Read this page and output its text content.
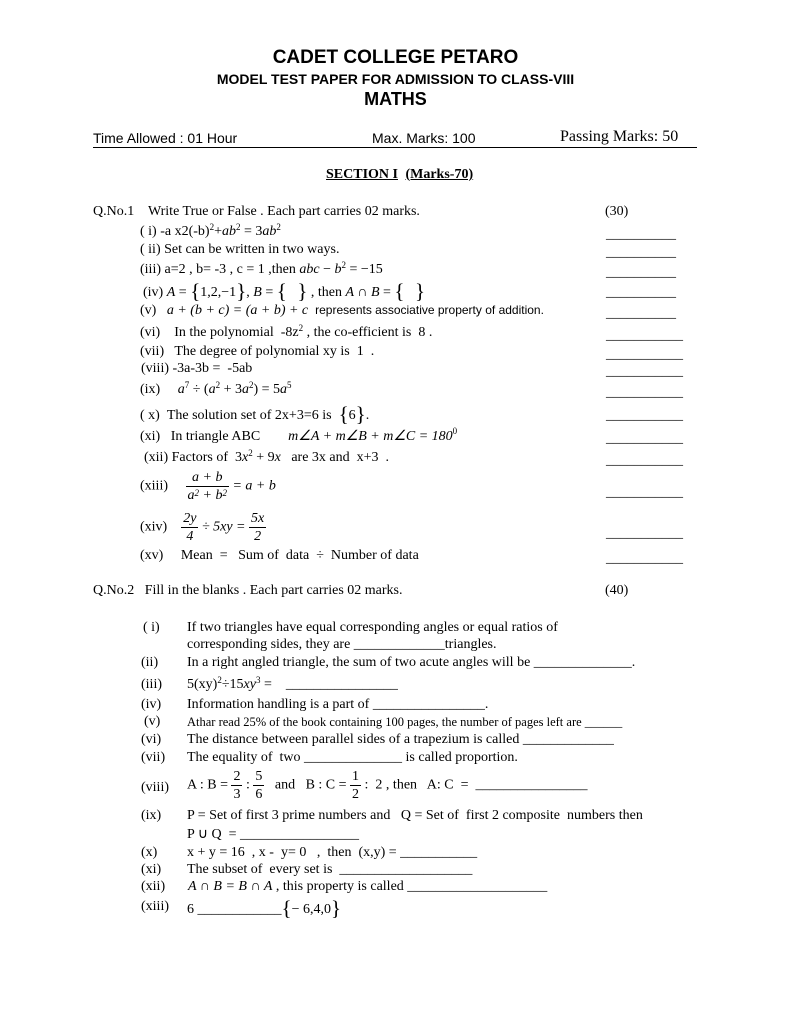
CADET COLLEGE PETARO
MODEL TEST PAPER FOR ADMISSION TO CLASS-VIII
MATHS
Time Allowed : 01 Hour	Max. Marks: 100	Passing Marks: 50
SECTION I (Marks-70)
Q.No.1    Write True or False . Each part carries 02 marks.	(30)
( i) -a $x2(-b)^2+ab^2 = 3ab^2$	__________
( ii) Set can be written in two ways.	__________
(iii) a=2 , b= -3 , c = 1 ,then abc − $b^2 = -15$	__________
(iv) A = {1,2,−1}, B = {  } , then A ∩ B = {  }	__________
(v) a + (b + c) = (a + b) + c represents associative property of addition.	__________
(vi) In the polynomial  $-8z^2$ , the co-efficient is  8 .	___________
(vii)   The degree of polynomial xy is  1  .	___________
(viii) -3a-3b =  -5ab	___________
(ix) $a^7 \div (a^2 + 3a^2) = 5a^5$	___________
( x) The solution set of 2x+3=6 is {6}.	___________
(xi) In triangle ABC m∠A + m∠B + m∠C = $180^0$	___________
(xii) Factors of  $3x^2 + 9x$   are 3x and  x+3  .	___________
(xiii) $\frac{a + b}{a^2 + b^2} = a + b$	___________
$(xiv) \frac{2y}{4} \div 5xy = \frac{5x}{2}$	___________
(xv)     Mean  =   Sum of  data  ÷  Number of data	___________
Q.No.2   Fill in the blanks . Each part carries 02 marks.	(40)
( i) If two triangles have equal corresponding angles or equal ratios of
corresponding sides, they are _____________triangles.
(ii) In a right angled triangle, the sum of two acute angles will be ______________.
(iii) $5(xy)^2\div 15xy^3$ =    ________________
(iv) Information handling is a part of ________________.
(v) Athar read 25% of the book containing 100 pages, the number of pages left are ______
(vi) The distance between parallel sides of a trapezium is called _____________
(vii) The equality of  two ______________ is called proportion.
(viii) A : $B = \frac{2}{3}$ : $\frac{5}{6}$ and   B : $C = \frac{1}{2}$ :  2 , then   A: C  =  ________________
(ix) P = Set of first 3 prime numbers and   Q = Set of  first 2 composite  numbers then
P ∪ Q  = _________________
(x) x + y = 16  , x -  y= 0   ,  then  (x,y) = ___________
(xi) The subset of  every set is  ___________________
(xii) A ∩ B = B ∩ A , this property is called ____________________
(xiii) 6 ____________{− 6,4,0}
